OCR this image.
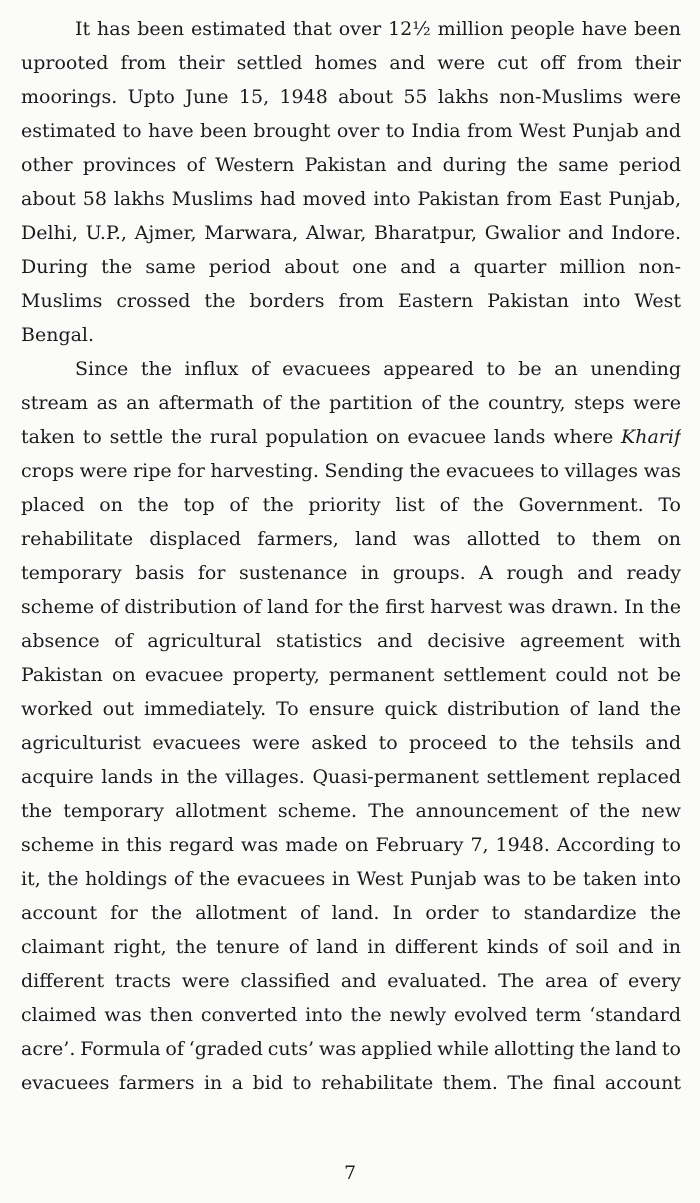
It has been estimated that over 12½ million people have been
uprooted from their settled homes and were cut off from their
moorings. Upto June 15, 1948 about 55 lakhs non-Muslims were
estimated to have been brought over to India from West Punjab and
other provinces of Western Pakistan and during the same period
about 58 lakhs Muslims had moved into Pakistan from East Punjab,
Delhi, U.P., Ajmer, Marwara, Alwar, Bharatpur, Gwalior and Indore.
During the same period about one and a quarter million non-
Muslims crossed the borders from Eastern Pakistan into West
Bengal.
Since the influx of evacuees appeared to be an unending
stream as an aftermath of the partition of the country, steps were
taken to settle the rural population on evacuee lands where Kharif
crops were ripe for harvesting. Sending the evacuees to villages was
placed on the top of the priority list of the Government. To
rehabilitate displaced farmers, land was allotted to them on
temporary basis for sustenance in groups. A rough and ready
scheme of distribution of land for the first harvest was drawn. In the
absence of agricultural statistics and decisive agreement with
Pakistan on evacuee property, permanent settlement could not be
worked out immediately. To ensure quick distribution of land the
agriculturist evacuees were asked to proceed to the tehsils and
acquire lands in the villages. Quasi-permanent settlement replaced
the temporary allotment scheme. The announcement of the new
scheme in this regard was made on February 7, 1948. According to
it, the holdings of the evacuees in West Punjab was to be taken into
account for the allotment of land. In order to standardize the
claimant right, the tenure of land in different kinds of soil and in
different tracts were classified and evaluated. The area of every
claimed was then converted into the newly evolved term ‘standard
acre’. Formula of ‘graded cuts’ was applied while allotting the land to
evacuees farmers in a bid to rehabilitate them. The final account
7
